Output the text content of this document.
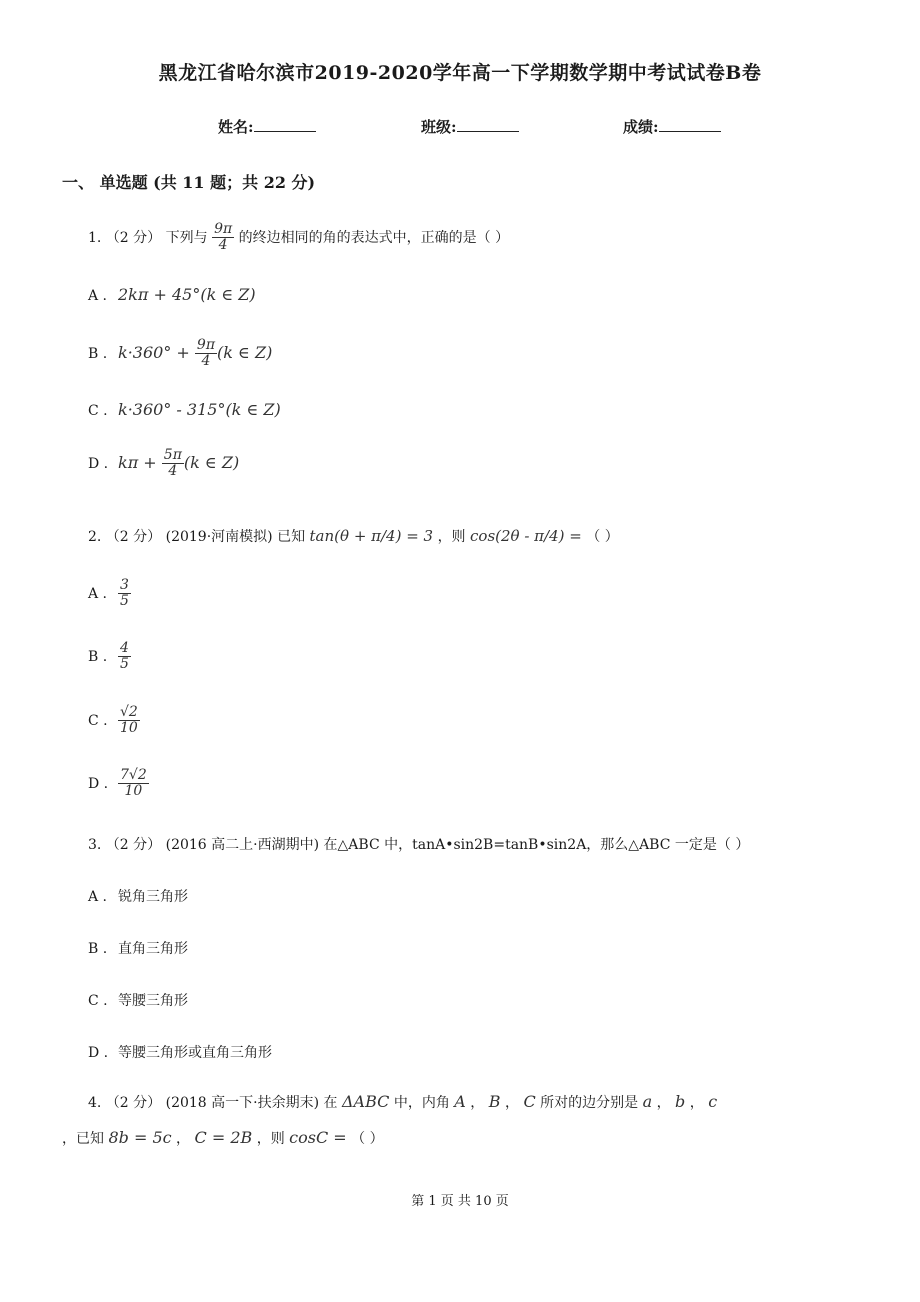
黑龙江省哈尔滨市2019-2020学年高一下学期数学期中考试试卷B卷
姓名:	班级:	成绩:
一、 单选题 (共 11 题；共 22 分)
1. （2 分） 下列与 $\frac{9\pi}{4}$ 的终边相同的角的表达式中，正确的是（ ）
A . 2kπ + 45°(k ∈ Z)
B . $k\cdot 360^\circ + \frac{9\pi}{4} (k$ ∈ Z)
C . k·360° - 315°(k ∈ Z)
D . $k\pi + \frac{5\pi}{4} (k$ ∈ Z)
2. （2 分） (2019·河南模拟) 已知 tan(θ + π/4) = 3 ，则 cos(2θ - π/4) = （ ）
A . $\frac{3}{5}$
B . $\frac{4}{5}$
C . $\frac{√2}{10}$
D . $\frac{7√2}{10}$
3. （2 分） (2016 高二上·西湖期中) 在△ABC 中，tanA•sin2B=tanB•sin2A，那么△ABC 一定是（ ）
A . 锐角三角形
B . 直角三角形
C . 等腰三角形
D . 等腰三角形或直角三角形
4. （2 分） (2018 高一下·扶余期末) 在 ΔABC 中，内角 A ， B ， C 所对的边分别是 a ， b ， c
，已知 8b = 5c ， C = 2B ，则 cosC = （ ）
第 1 页 共 10 页
